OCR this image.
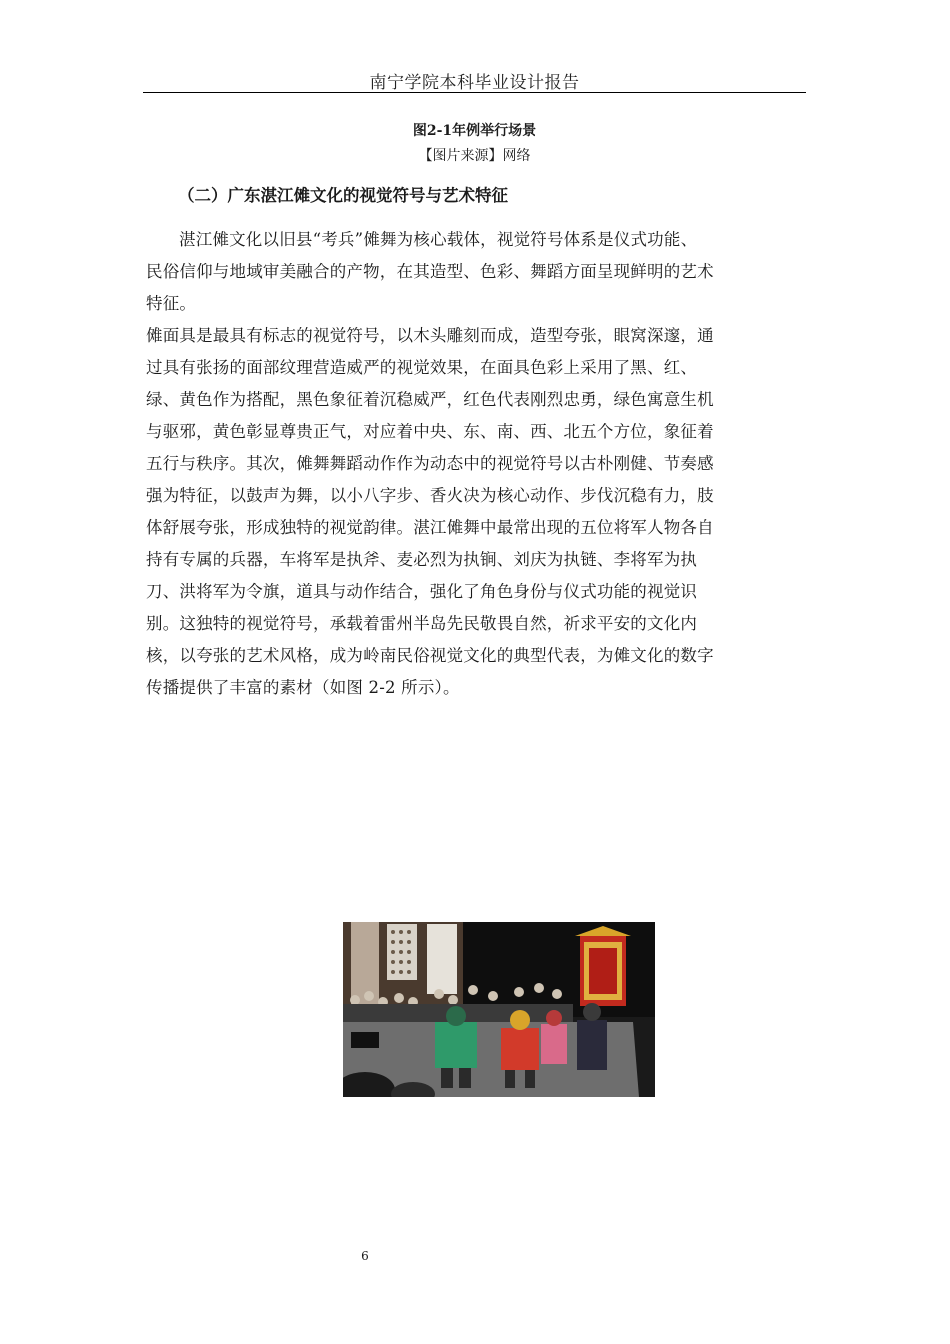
南宁学院本科毕业设计报告
图2-1年例举行场景
【图片来源】网络
（二）广东湛江傩文化的视觉符号与艺术特征

湛江傩文化以旧县“考兵”傩舞为核心载体，视觉符号体系是仪式功能、

民俗信仰与地域审美融合的产物，在其造型、色彩、舞蹈方面呈现鲜明的艺术

特征。

傩面具是最具有标志的视觉符号，以木头雕刻而成，造型夸张，眼窝深邃，通

过具有张扬的面部纹理营造威严的视觉效果，在面具色彩上采用了黑、红、

绿、黄色作为搭配，黑色象征着沉稳威严，红色代表刚烈忠勇，绿色寓意生机

与驱邪，黄色彰显尊贵正气，对应着中央、东、南、西、北五个方位，象征着

五行与秩序。其次，傩舞舞蹈动作作为动态中的视觉符号以古朴刚健、节奏感

强为特征，以鼓声为舞，以小八字步、香火决为核心动作、步伐沉稳有力，肢

体舒展夸张，形成独特的视觉韵律。湛江傩舞中最常出现的五位将军人物各自

持有专属的兵器，车将军是执斧、麦必烈为执锏、刘庆为执链、李将军为执

刀、洪将军为令旗，道具与动作结合，强化了角色身份与仪式功能的视觉识

别。这独特的视觉符号，承载着雷州半岛先民敬畏自然，祈求平安的文化内

核，以夸张的艺术风格，成为岭南民俗视觉文化的典型代表，为傩文化的数字

传播提供了丰富的素材（如图 2-2 所示）。

6
